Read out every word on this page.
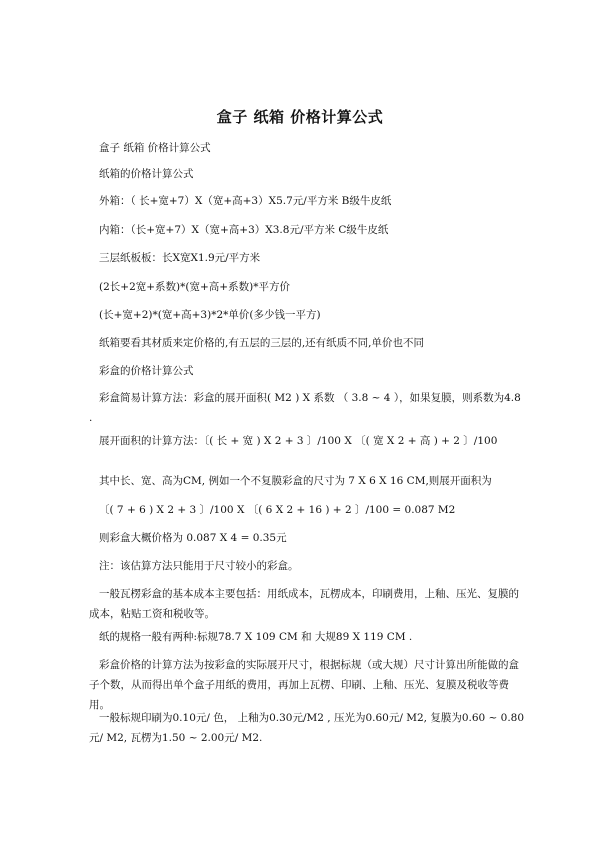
盒子 纸箱 价格计算公式
盒子 纸箱 价格计算公式
纸箱的价格计算公式
外箱：（ 长+宽+7）X（宽+高+3）X5.7元/平方米 B级牛皮纸
内箱：（长+宽+7）X（宽+高+3）X3.8元/平方米 C级牛皮纸
三层纸板板：长X宽X1.9元/平方米
(2长+2宽+系数)*(宽+高+系数)*平方价
(长+宽+2)*(宽+高+3)*2*单价(多少钱一平方)
纸箱要看其材质来定价格的,有五层的三层的,还有纸质不同,单价也不同
彩盒的价格计算公式
彩盒简易计算方法：彩盒的展开面积( M2 ) X 系数 （ 3.8 ~ 4 ），如果复膜，则系数为4.8 .
展开面积的计算方法：〔( 长 + 宽 ) X 2 + 3 〕/100 X 〔( 宽 X 2 + 高 ) + 2 〕/100
其中长、宽、高为CM, 例如一个不复膜彩盒的尺寸为 7 X 6 X 16 CM,则展开面积为
〔( 7 + 6 ) X 2 + 3 〕/100 X 〔( 6 X 2 + 16 ) + 2 〕/100 = 0.087 M2
则彩盒大概价格为 0.087 X 4 = 0.35元
注：该估算方法只能用于尺寸较小的彩盒。
一般瓦楞彩盒的基本成本主要包括：用纸成本，瓦楞成本，印刷费用，上釉、压光、复膜的成本，粘贴工资和税收等。
纸的规格一般有两种:标规78.7 X 109 CM 和 大规89 X 119 CM .
彩盒价格的计算方法为按彩盒的实际展开尺寸，根据标规（或大规）尺寸计算出所能做的盒子个数，从而得出单个盒子用纸的费用，再加上瓦楞、印刷、上釉、压光、复膜及税收等费用。
一般标规印刷为0.10元/ 色， 上釉为0.30元/M2 , 压光为0.60元/ M2, 复膜为0.60 ~ 0.80元/ M2, 瓦楞为1.50 ~ 2.00元/ M2.
